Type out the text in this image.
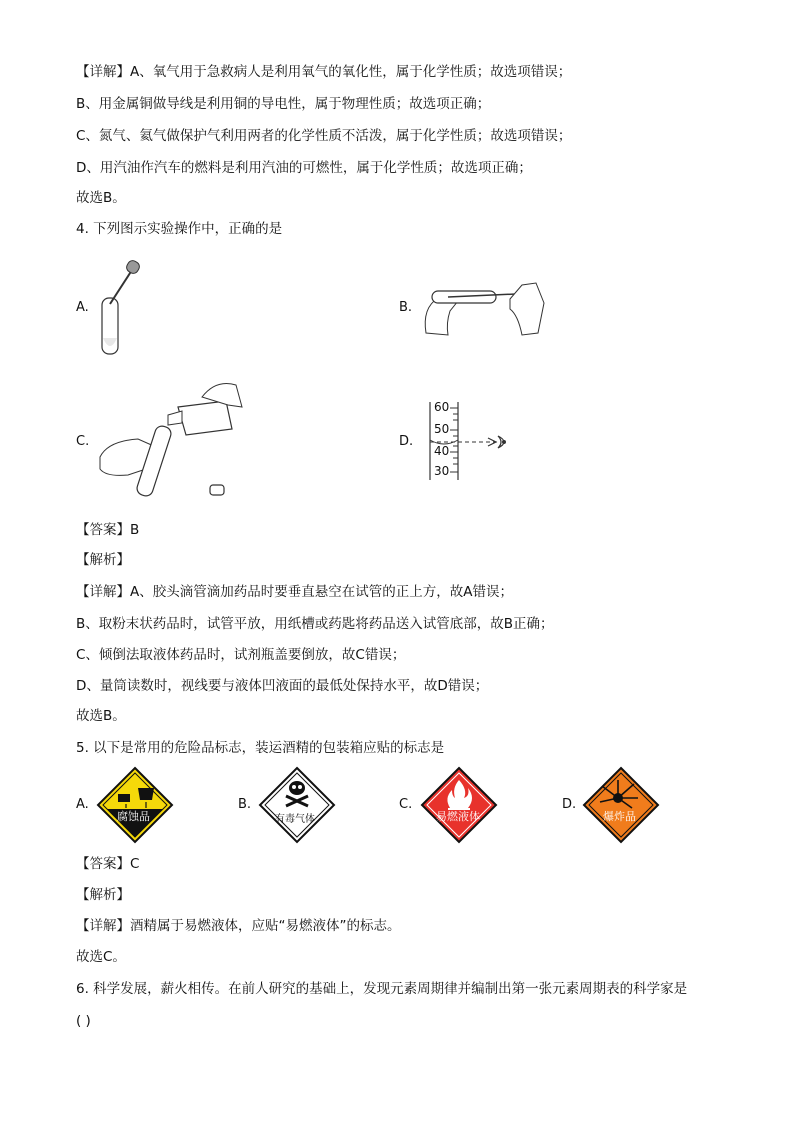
【详解】A、氧气用于急救病人是利用氧气的氧化性，属于化学性质；故选项错误；
B、用金属铜做导线是利用铜的导电性，属于物理性质；故选项正确；
C、氮气、氦气做保护气利用两者的化学性质不活泼，属于化学性质；故选项错误；
D、用汽油作汽车的燃料是利用汽油的可燃性，属于化学性质；故选项正确；
故选B。
4. 下列图示实验操作中，正确的是
A.	B.
C.	D.
60
50
40
30
【答案】B
【解析】
【详解】A、胶头滴管滴加药品时要垂直悬空在试管的正上方，故A错误；
B、取粉末状药品时，试管平放，用纸槽或药匙将药品送入试管底部，故B正确；
C、倾倒法取液体药品时，试剂瓶盖要倒放，故C错误；
D、量筒读数时，视线要与液体凹液面的最低处保持水平，故D错误；
故选B。
5. 以下是常用的危险品标志，装运酒精的包装箱应贴的标志是
A.
腐蚀品
B.
有毒气体
C.
易燃液体
D.
爆炸品
【答案】C
【解析】
【详解】酒精属于易燃液体，应贴“易燃液体”的标志。
故选C。
6. 科学发展，薪火相传。在前人研究的基础上，发现元素周期律并编制出第一张元素周期表的科学家是
( )
